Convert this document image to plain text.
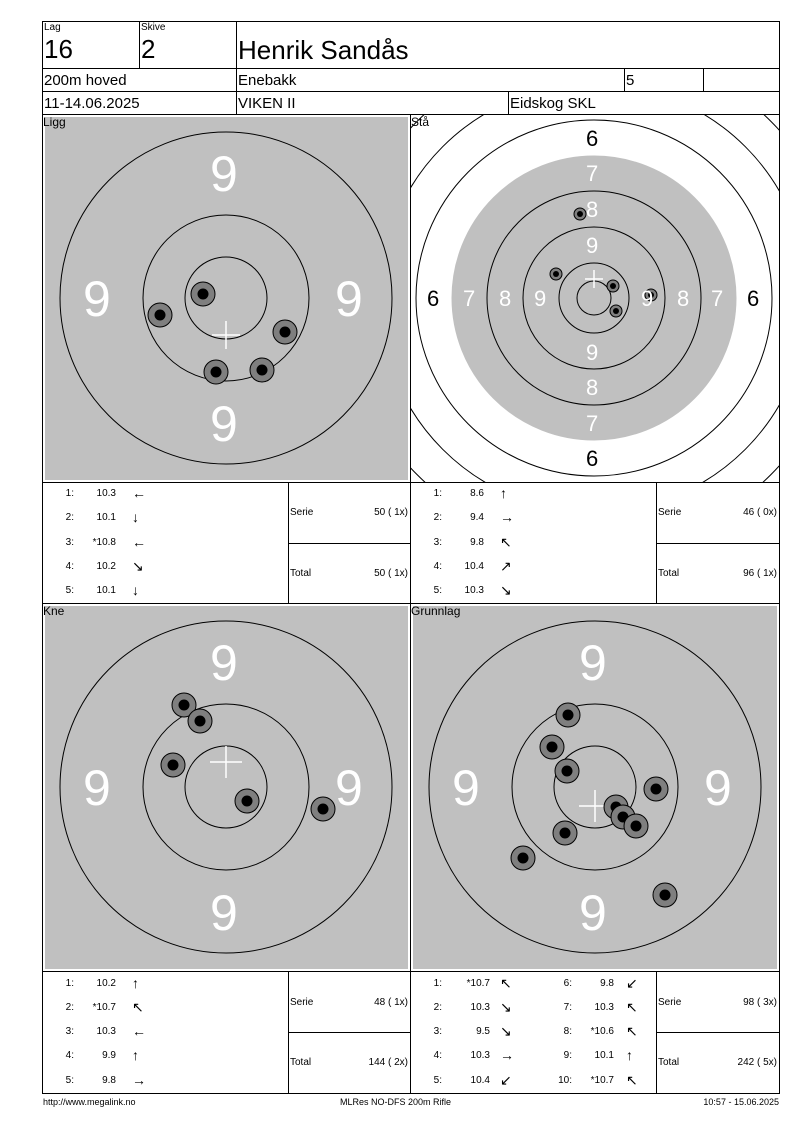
Lag
16
Skive
2	Henrik Sandås
200m hoved	Enebakk	5
11-14.06.2025	VIKEN II	Eidskog SKL
Ligg
9
9	9
9
Stå
6
7
8
9
9
8
7
6
6 7 8 9	9 8 7 6
Kne
9
9	9
9
Grunnlag
9
9	9
9
1:	10.3 ←
2:	10.1 ↓
3:	*10.8 ←
4:	10.2 ↘
5:	10.1 ↓
Serie	50 ( 1x)
Total	50 ( 1x)
1:	8.6 ↑
2:	9.4 →
3:	9.8 ↖
4:	10.4 ↗
5:	10.3 ↘
Serie	46 ( 0x)
Total	96 ( 1x)
1:	10.2 ↑
2:	*10.7 ↖
3:	10.3 ←
4:	9.9 ↑
5:	9.8 →
Serie	48 ( 1x)
Total	144 ( 2x)
1:	*10.7 ↖
2:	10.3 ↘
3:	9.5 ↘
4:	10.3 →
5:	10.4 ↙
6:	9.8 ↙
7:	10.3 ↖
8:	*10.6 ↖
9:	10.1 ↑
10:	*10.7 ↖
Serie	98 ( 3x)
Total	242 ( 5x)
http://www.megalink.no	MLRes NO-DFS 200m Rifle	10:57 - 15.06.2025
